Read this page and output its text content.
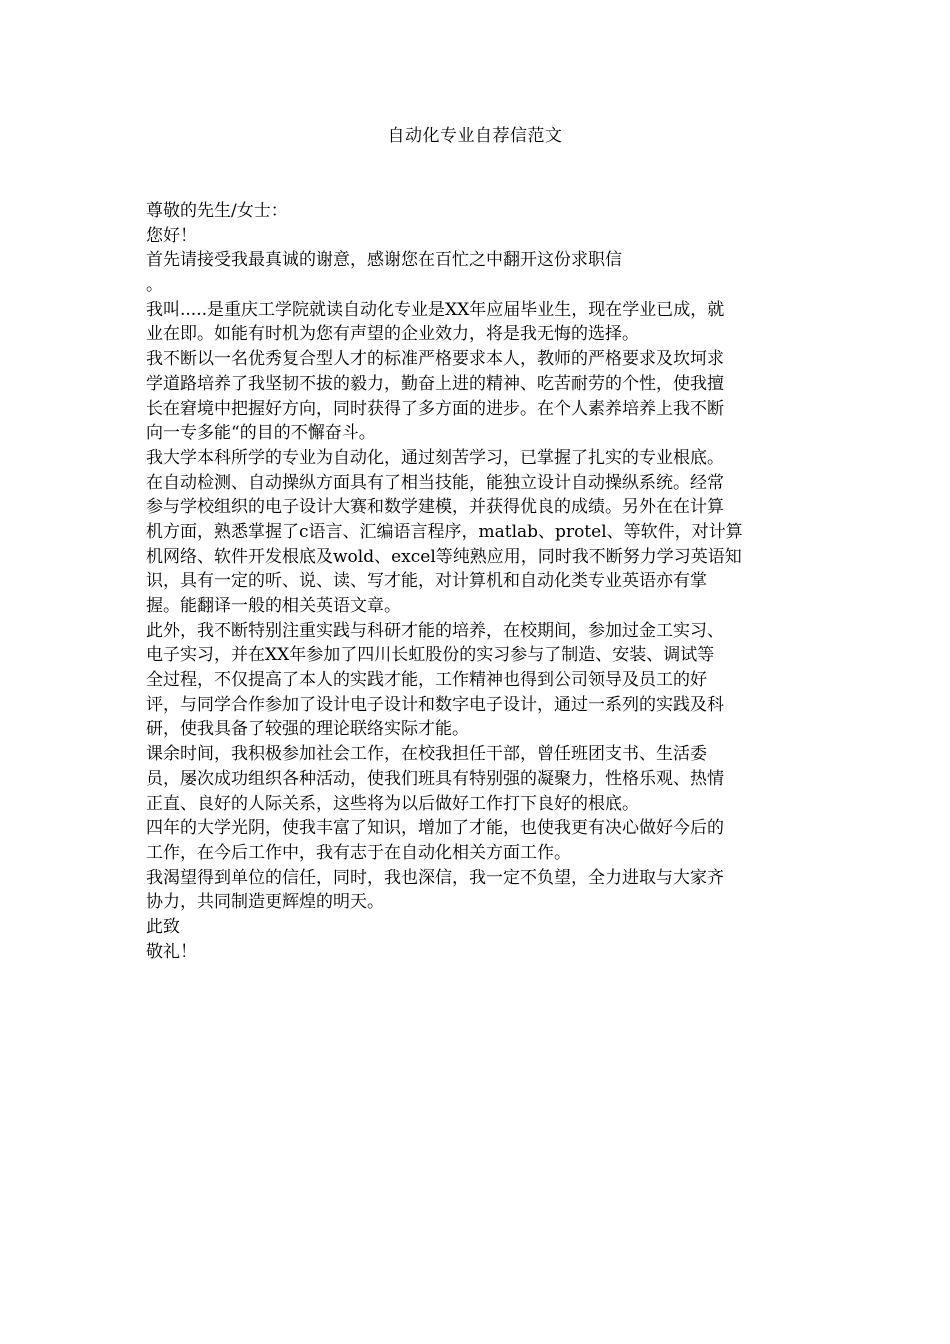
自动化专业自荐信范文
尊敬的先生/女士：
您好！
首先请接受我最真诚的谢意，感谢您在百忙之中翻开这份求职信
。
我叫.....是重庆工学院就读自动化专业是XX年应届毕业生，现在学业已成，就
业在即。如能有时机为您有声望的企业效力，将是我无悔的选择。
我不断以一名优秀复合型人才的标准严格要求本人，教师的严格要求及坎坷求
学道路培养了我坚韧不拔的毅力，勤奋上进的精神、吃苦耐劳的个性，使我擅
长在窘境中把握好方向，同时获得了多方面的进步。在个人素养培养上我不断
向一专多能“的目的不懈奋斗。
我大学本科所学的专业为自动化，通过刻苦学习，已掌握了扎实的专业根底。
在自动检测、自动操纵方面具有了相当技能，能独立设计自动操纵系统。经常
参与学校组织的电子设计大赛和数学建模，并获得优良的成绩。另外在在计算
机方面，熟悉掌握了c语言、汇编语言程序，matlab、protel、等软件，对计算
机网络、软件开发根底及wold、excel等纯熟应用，同时我不断努力学习英语知
识，具有一定的听、说、读、写才能，对计算机和自动化类专业英语亦有掌
握。能翻译一般的相关英语文章。
此外，我不断特别注重实践与科研才能的培养，在校期间，参加过金工实习、
电子实习，并在XX年参加了四川长虹股份的实习参与了制造、安装、调试等
全过程，不仅提高了本人的实践才能，工作精神也得到公司领导及员工的好
评，与同学合作参加了设计电子设计和数字电子设计，通过一系列的实践及科
研，使我具备了较强的理论联络实际才能。
课余时间，我积极参加社会工作，在校我担任干部，曾任班团支书、生活委
员，屡次成功组织各种活动，使我们班具有特别强的凝聚力，性格乐观、热情
正直、良好的人际关系，这些将为以后做好工作打下良好的根底。
四年的大学光阴，使我丰富了知识，增加了才能，也使我更有决心做好今后的
工作，在今后工作中，我有志于在自动化相关方面工作。
我渴望得到单位的信任，同时，我也深信，我一定不负望，全力进取与大家齐
协力，共同制造更辉煌的明天。
此致
敬礼！
